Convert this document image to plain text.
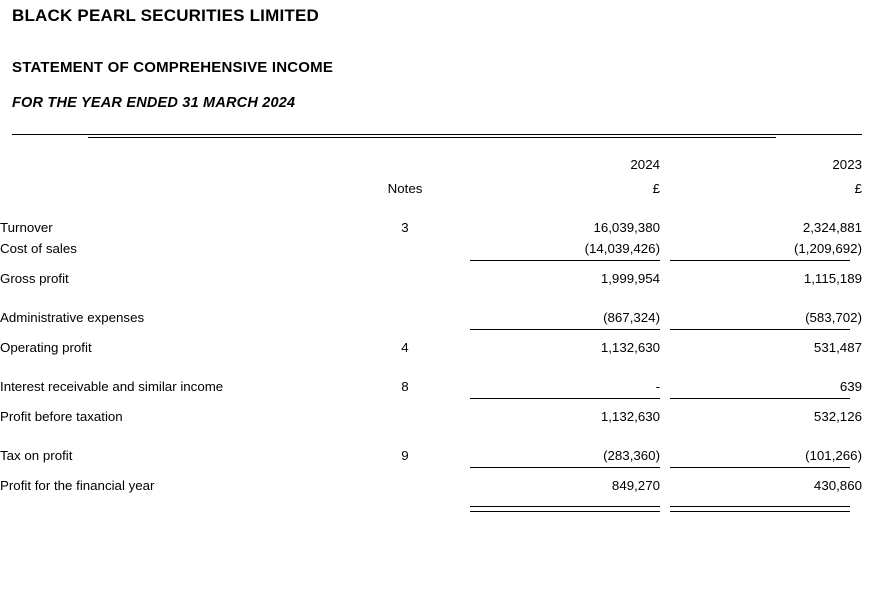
BLACK PEARL SECURITIES LIMITED
STATEMENT OF COMPREHENSIVE INCOME
FOR THE YEAR ENDED 31 MARCH 2024
		2024	2023
	Notes	£	£

Turnover	3	16,039,380	2,324,881
Cost of sales		(14,039,426)	(1,209,692)

Gross profit		1,999,954	1,115,189

Administrative expenses		(867,324)	(583,702)

Operating profit	4	1,132,630	531,487

Interest receivable and similar income	8	-	639

Profit before taxation		1,132,630	532,126

Tax on profit	9	(283,360)	(101,266)

Profit for the financial year		849,270	430,860
